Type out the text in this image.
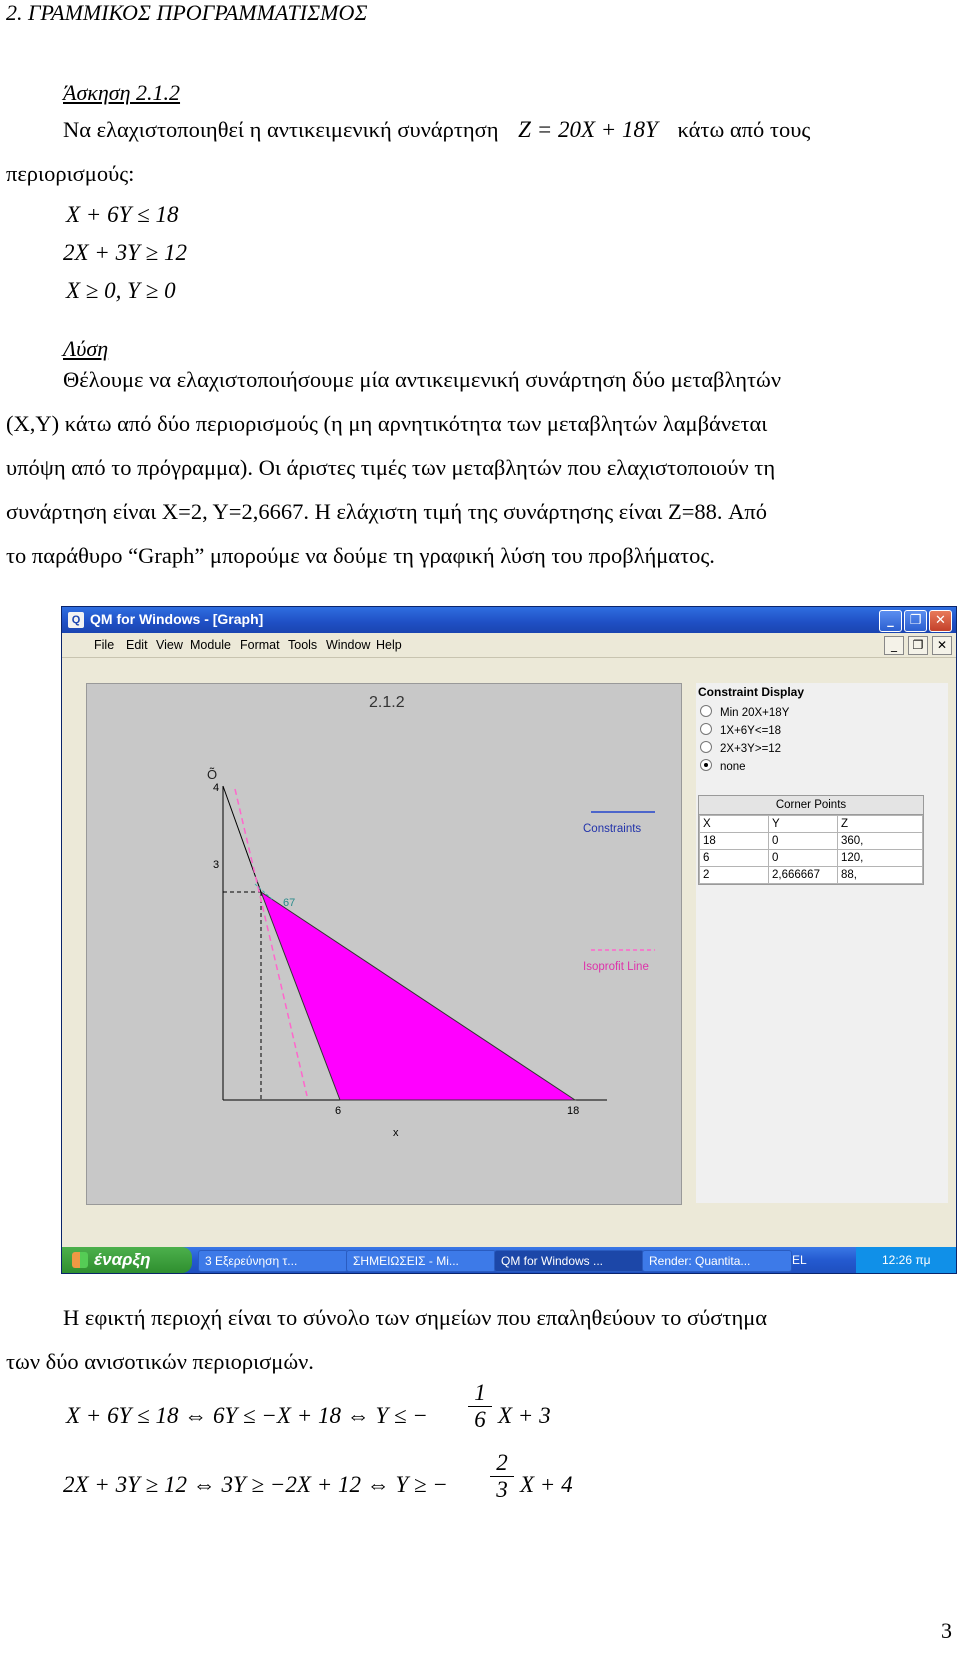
2. ΓΡΑΜΜΙΚΟΣ ΠΡΟΓΡΑΜΜΑΤΙΣΜΟΣ
Άσκηση 2.1.2
Να ελαχιστοποιηθεί η αντικειμενική συνάρτηση Z = 20X + 18Y κάτω από τους
περιορισμούς:
X + 6Y ≤ 18
2X + 3Y ≥ 12
X ≥ 0, Y ≥ 0
Λύση
Θέλουμε να ελαχιστοποιήσουμε μία αντικειμενική συνάρτηση δύο μεταβλητών
(X,Y) κάτω από δύο περιορισμούς (η μη αρνητικότητα των μεταβλητών λαμβάνεται
υπόψη από το πρόγραμμα). Οι άριστες τιμές των μεταβλητών που ελαχιστοποιούν τη
συνάρτηση είναι X=2, Y=2,6667. Η ελάχιστη τιμή της συνάρτησης είναι Z=88. Από
το παράθυρο “Graph” μπορούμε να δούμε τη γραφική λύση του προβλήματος.
Q QM for Windows - [Graph]	_	❐	✕
File Edit View Module Format Tools Window Help	_	❐	✕
2.1.2
Õ
4
3
6	18
67
x
Constraints
Isoprofit Line
Constraint Display
Min 20X+18Y
1X+6Y<=18
2X+3Y>=12
none
Corner Points
X	Y	Z
18	0	360,
6	0	120,
2	2,666667	88,
έναρξη	3 Εξερεύνηση τ...	ΣΗΜΕΙΩΣΕΙΣ - Mi...	QM for Windows ...	Render: Quantita...	EL	12:26 πμ
Η εφικτή περιοχή είναι το σύνολο των σημείων που επαληθεύουν το σύστημα
των δύο ανισοτικών περιορισμών.
X + 6Y ≤ 18 ⇔ 6Y ≤ −X + 18 ⇔ Y ≤ − $\frac{1}{6}$ X + 3
2X + 3Y ≥ 12 ⇔ 3Y ≥ −2X + 12 ⇔ Y ≥ − $\frac{2}{3}$ X + 4
3
